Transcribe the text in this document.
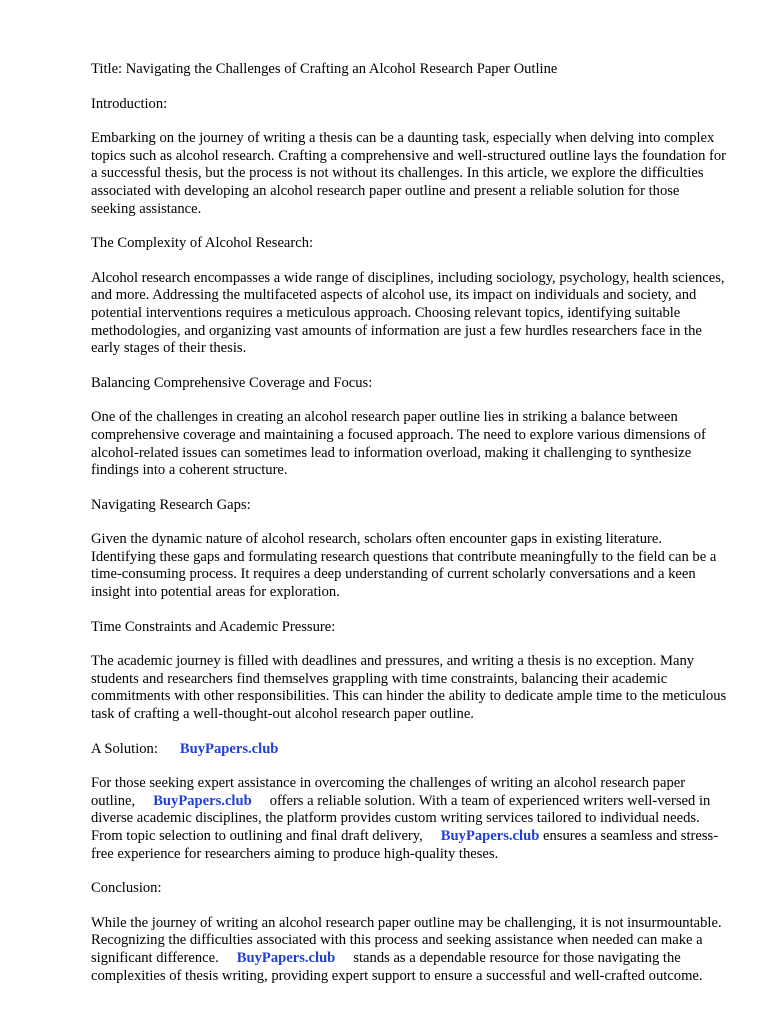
Title: Navigating the Challenges of Crafting an Alcohol Research Paper Outline

Introduction:

Embarking on the journey of writing a thesis can be a daunting task, especially when delving into complex topics such as alcohol research. Crafting a comprehensive and well-structured outline lays the foundation for a successful thesis, but the process is not without its challenges. In this article, we explore the difficulties associated with developing an alcohol research paper outline and present a reliable solution for those seeking assistance.

The Complexity of Alcohol Research:

Alcohol research encompasses a wide range of disciplines, including sociology, psychology, health sciences, and more. Addressing the multifaceted aspects of alcohol use, its impact on individuals and society, and potential interventions requires a meticulous approach. Choosing relevant topics, identifying suitable methodologies, and organizing vast amounts of information are just a few hurdles researchers face in the early stages of their thesis.

Balancing Comprehensive Coverage and Focus:

One of the challenges in creating an alcohol research paper outline lies in striking a balance between comprehensive coverage and maintaining a focused approach. The need to explore various dimensions of alcohol-related issues can sometimes lead to information overload, making it challenging to synthesize findings into a coherent structure.

Navigating Research Gaps:

Given the dynamic nature of alcohol research, scholars often encounter gaps in existing literature. Identifying these gaps and formulating research questions that contribute meaningfully to the field can be a time-consuming process. It requires a deep understanding of current scholarly conversations and a keen insight into potential areas for exploration.

Time Constraints and Academic Pressure:

The academic journey is filled with deadlines and pressures, and writing a thesis is no exception. Many students and researchers find themselves grappling with time constraints, balancing their academic commitments with other responsibilities. This can hinder the ability to dedicate ample time to the meticulous task of crafting a well-thought-out alcohol research paper outline.

A Solution: BuyPapers.club

For those seeking expert assistance in overcoming the challenges of writing an alcohol research paper outline, BuyPapers.club offers a reliable solution. With a team of experienced writers well-versed in diverse academic disciplines, the platform provides custom writing services tailored to individual needs. From topic selection to outlining and final draft delivery, BuyPapers.club ensures a seamless and stress-free experience for researchers aiming to produce high-quality theses.

Conclusion:

While the journey of writing an alcohol research paper outline may be challenging, it is not insurmountable. Recognizing the difficulties associated with this process and seeking assistance when needed can make a significant difference. BuyPapers.club stands as a dependable resource for those navigating the complexities of thesis writing, providing expert support to ensure a successful and well-crafted outcome.
